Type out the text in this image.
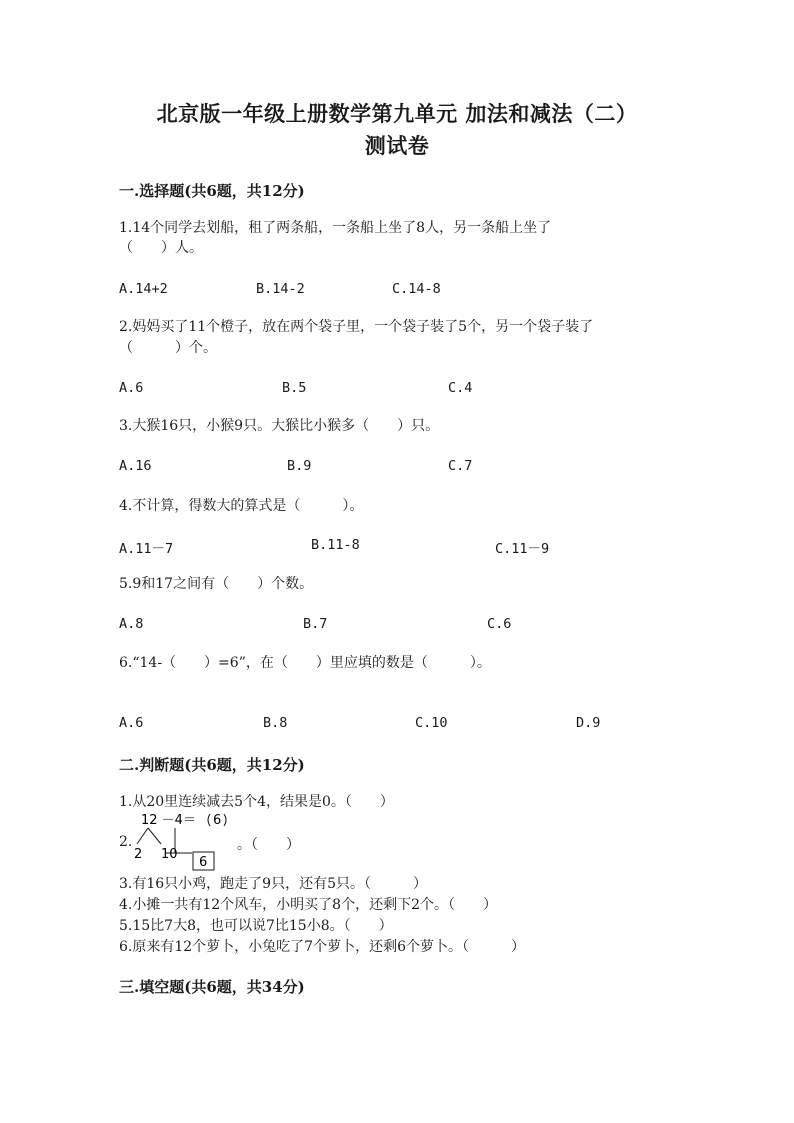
北京版一年级上册数学第九单元 加法和减法（二）
测试卷
一.选择题(共6题，共12分)
1.14个同学去划船，租了两条船，一条船上坐了8人，另一条船上坐了
（　　）人。
A.14+2	B.14-2	C.14-8
2.妈妈买了11个橙子，放在两个袋子里，一个袋子装了5个，另一个袋子装了
（　　　）个。
A.6	B.5	C.4
3.大猴16只，小猴9只。大猴比小猴多（　　）只。
A.16	B.9	C.7
4.不计算，得数大的算式是（　　　）。
A.11－7	B.11-8	C.11－9
5.9和17之间有（　　）个数。
A.8	B.7	C.6
6.“14-（　　）=6”，在（　　）里应填的数是（　　　）。
A.6	B.8	C.10	D.9
二.判断题(共6题，共12分)
1.从20里连续减去5个4，结果是0。（　　）
2.
12 －4＝ 6
2 10
6
。（　　）
3.有16只小鸡，跑走了9只，还有5只。（　　　）
4.小摊一共有12个风车，小明买了8个，还剩下2个。（　　）
5.15比7大8，也可以说7比15小8。（　　）
6.原来有12个萝卜，小兔吃了7个萝卜，还剩6个萝卜。（　　　）
三.填空题(共6题，共34分)
